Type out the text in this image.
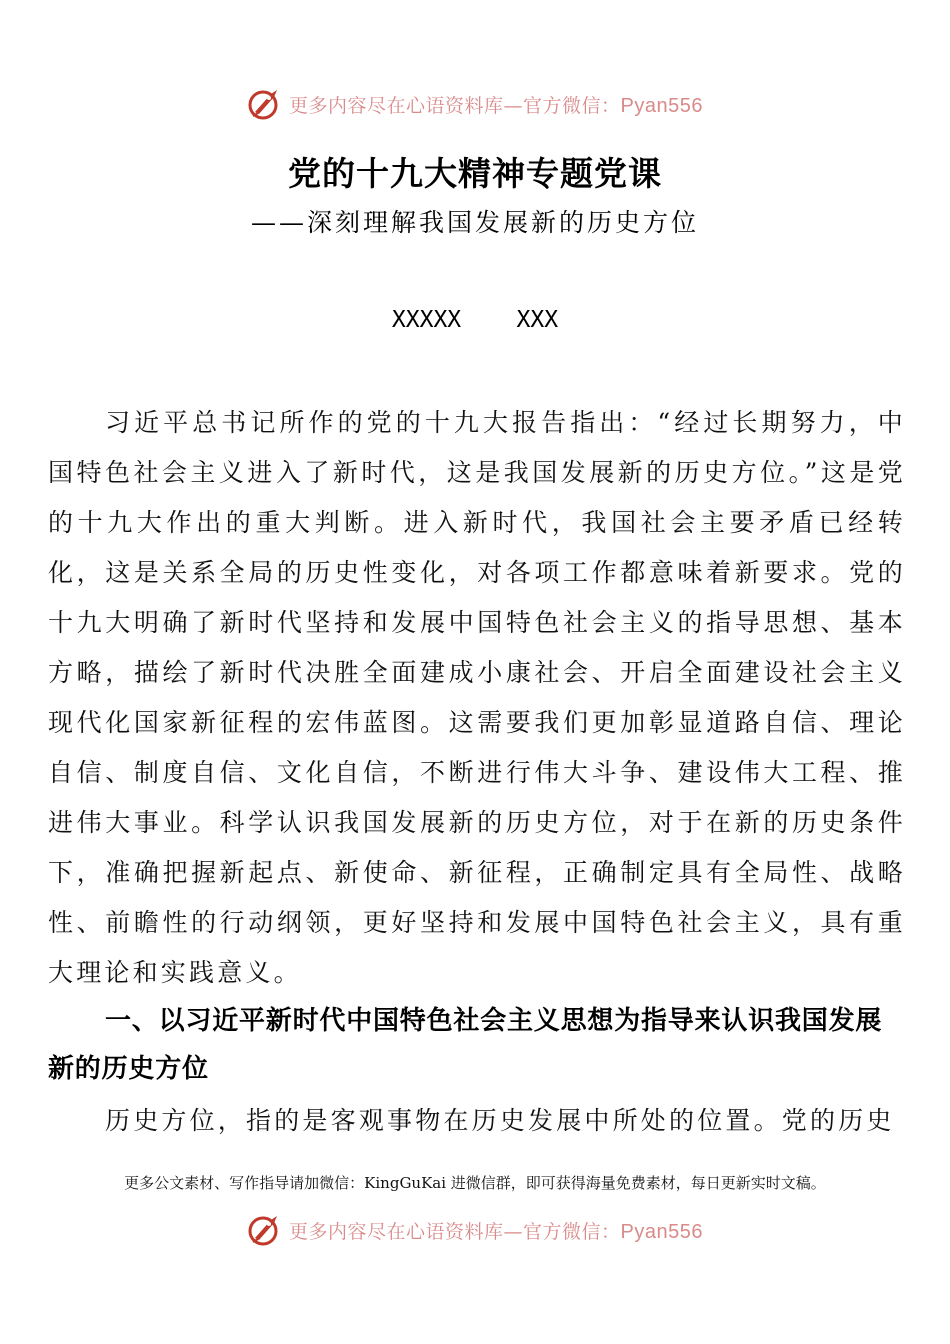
更多内容尽在心语资料库—官方微信：Pyan556
党的十九大精神专题党课
——深刻理解我国发展新的历史方位
XXXXX    XXX
习近平总书记所作的党的十九大报告指出：“经过长期努力，中国特色社会主义进入了新时代，这是我国发展新的历史方位。”这是党的十九大作出的重大判断。进入新时代，我国社会主要矛盾已经转化，这是关系全局的历史性变化，对各项工作都意味着新要求。党的十九大明确了新时代坚持和发展中国特色社会主义的指导思想、基本方略，描绘了新时代决胜全面建成小康社会、开启全面建设社会主义现代化国家新征程的宏伟蓝图。这需要我们更加彰显道路自信、理论自信、制度自信、文化自信，不断进行伟大斗争、建设伟大工程、推进伟大事业。科学认识我国发展新的历史方位，对于在新的历史条件下，准确把握新起点、新使命、新征程，正确制定具有全局性、战略性、前瞻性的行动纲领，更好坚持和发展中国特色社会主义，具有重大理论和实践意义。
一、以习近平新时代中国特色社会主义思想为指导来认识我国发展新的历史方位
历史方位，指的是客观事物在历史发展中所处的位置。党的历史
更多公文素材、写作指导请加微信：KingGuKai 进微信群，即可获得海量免费素材，每日更新实时文稿。
更多内容尽在心语资料库—官方微信：Pyan556
